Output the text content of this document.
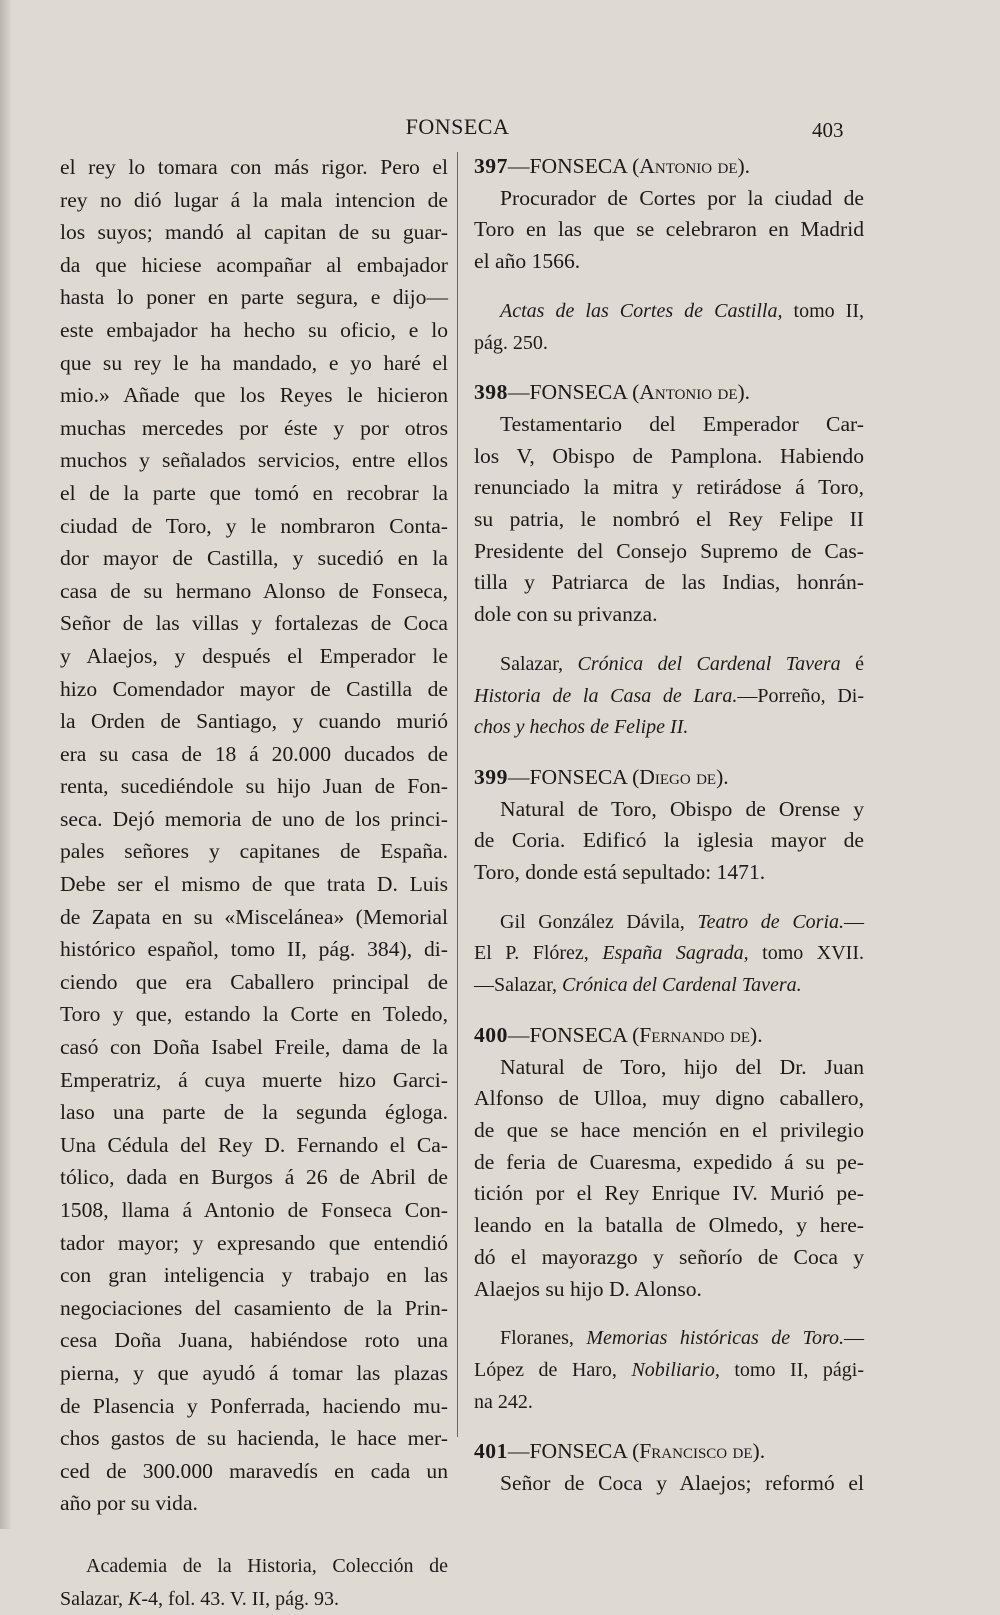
FONSECA	403
el rey lo tomara con más rigor. Pero el
rey no dió lugar á la mala intencion de
los suyos; mandó al capitan de su guar-
da que hiciese acompañar al embajador
hasta lo poner en parte segura, e dijo—
este embajador ha hecho su oficio, e lo
que su rey le ha mandado, e yo haré el
mio.» Añade que los Reyes le hicieron
muchas mercedes por éste y por otros
muchos y señalados servicios, entre ellos
el de la parte que tomó en recobrar la
ciudad de Toro, y le nombraron Conta-
dor mayor de Castilla, y sucedió en la
casa de su hermano Alonso de Fonseca,
Señor de las villas y fortalezas de Coca
y Alaejos, y después el Emperador le
hizo Comendador mayor de Castilla de
la Orden de Santiago, y cuando murió
era su casa de 18 á 20.000 ducados de
renta, sucediéndole su hijo Juan de Fon-
seca. Dejó memoria de uno de los princi-
pales señores y capitanes de España.
Debe ser el mismo de que trata D. Luis
de Zapata en su «Miscelánea» (Memorial
histórico español, tomo II, pág. 384), di-
ciendo que era Caballero principal de
Toro y que, estando la Corte en Toledo,
casó con Doña Isabel Freile, dama de la
Emperatriz, á cuya muerte hizo Garci-
laso una parte de la segunda égloga.
Una Cédula del Rey D. Fernando el Ca-
tólico, dada en Burgos á 26 de Abril de
1508, llama á Antonio de Fonseca Con-
tador mayor; y expresando que entendió
con gran inteligencia y trabajo en las
negociaciones del casamiento de la Prin-
cesa Doña Juana, habiéndose roto una
pierna, y que ayudó á tomar las plazas
de Plasencia y Ponferrada, haciendo mu-
chos gastos de su hacienda, le hace mer-
ced de 300.000 maravedís en cada un
año por su vida.
Academia de la Historia, Colección de
Salazar, K-4, fol. 43. V. II, pág. 93.
397—FONSECA (Antonio de).
Procurador de Cortes por la ciudad de
Toro en las que se celebraron en Madrid
el año 1566.
Actas de las Cortes de Castilla, tomo II,
pág. 250.
398—FONSECA (Antonio de).
Testamentario del Emperador Car-
los V, Obispo de Pamplona. Habiendo
renunciado la mitra y retirádose á Toro,
su patria, le nombró el Rey Felipe II
Presidente del Consejo Supremo de Cas-
tilla y Patriarca de las Indias, honrán-
dole con su privanza.
Salazar, Crónica del Cardenal Tavera é
Historia de la Casa de Lara.—Porreño, Di-
chos y hechos de Felipe II.
399—FONSECA (Diego de).
Natural de Toro, Obispo de Orense y
de Coria. Edificó la iglesia mayor de
Toro, donde está sepultado: 1471.
Gil González Dávila, Teatro de Coria.—
El P. Flórez, España Sagrada, tomo XVII.
—Salazar, Crónica del Cardenal Tavera.
400—FONSECA (Fernando de).
Natural de Toro, hijo del Dr. Juan
Alfonso de Ulloa, muy digno caballero,
de que se hace mención en el privilegio
de feria de Cuaresma, expedido á su pe-
tición por el Rey Enrique IV. Murió pe-
leando en la batalla de Olmedo, y here-
dó el mayorazgo y señorío de Coca y
Alaejos su hijo D. Alonso.
Floranes, Memorias históricas de Toro.—
López de Haro, Nobiliario, tomo II, pági-
na 242.
401—FONSECA (Francisco de).
Señor de Coca y Alaejos; reformó el
